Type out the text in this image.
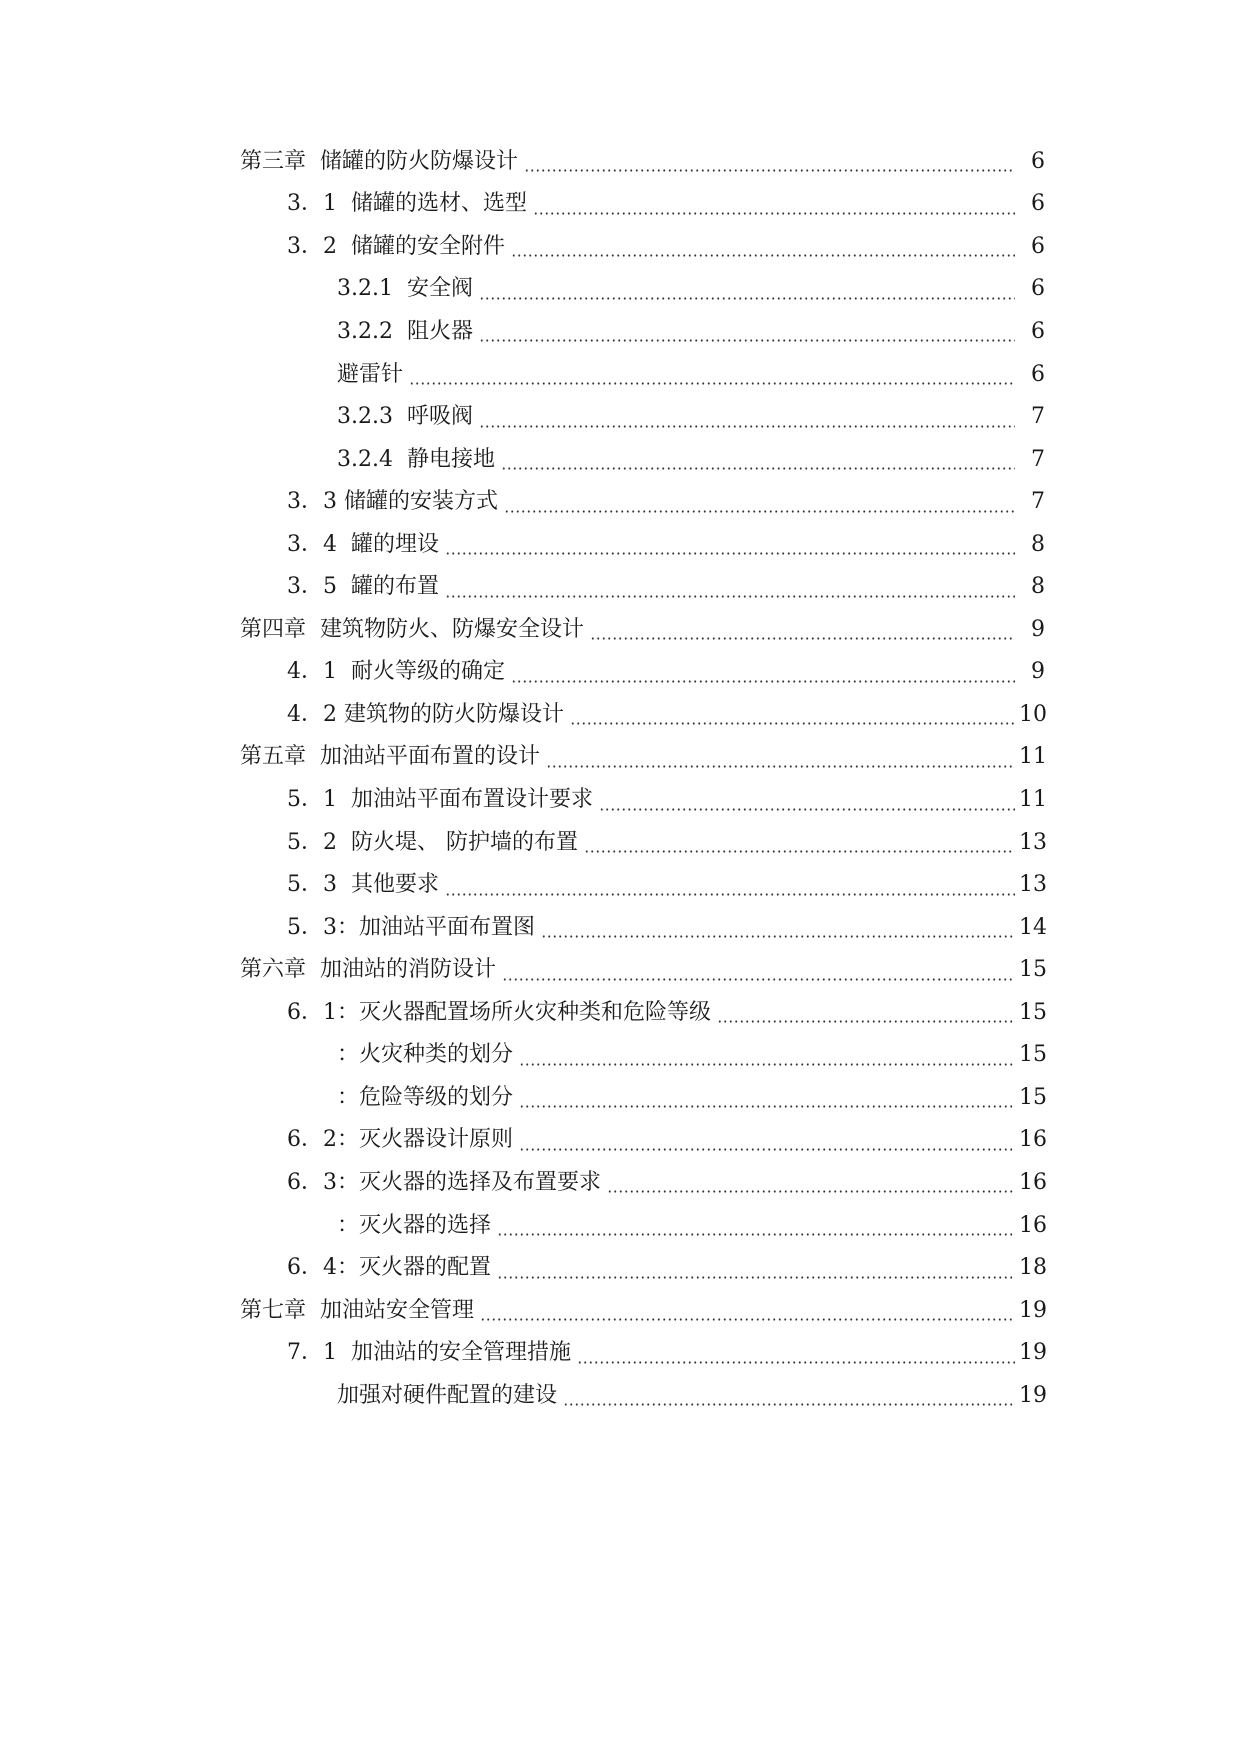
第三章  储罐的防火防爆设计	6
3．1  储罐的选材、选型	6
3．2  储罐的安全附件	6
3.2.1  安全阀	6
3.2.2  阻火器	6
避雷针	6
3.2.3  呼吸阀	7
3.2.4  静电接地	7
3．3 储罐的安装方式	7
3．4  罐的埋设	8
3．5  罐的布置	8
第四章  建筑物防火、防爆安全设计	9
4．1  耐火等级的确定	9
4．2 建筑物的防火防爆设计	10
第五章  加油站平面布置的设计	11
5．1  加油站平面布置设计要求	11
5．2  防火堤、 防护墙的布置	13
5．3  其他要求	13
5．3：加油站平面布置图	14
第六章  加油站的消防设计	15
6．1：灭火器配置场所火灾种类和危险等级	15
：火灾种类的划分	15
：危险等级的划分	15
6．2：灭火器设计原则	16
6．3：灭火器的选择及布置要求	16
：灭火器的选择	16
6．4：灭火器的配置	18
第七章  加油站安全管理	19
7．1  加油站的安全管理措施	19
加强对硬件配置的建设	19
